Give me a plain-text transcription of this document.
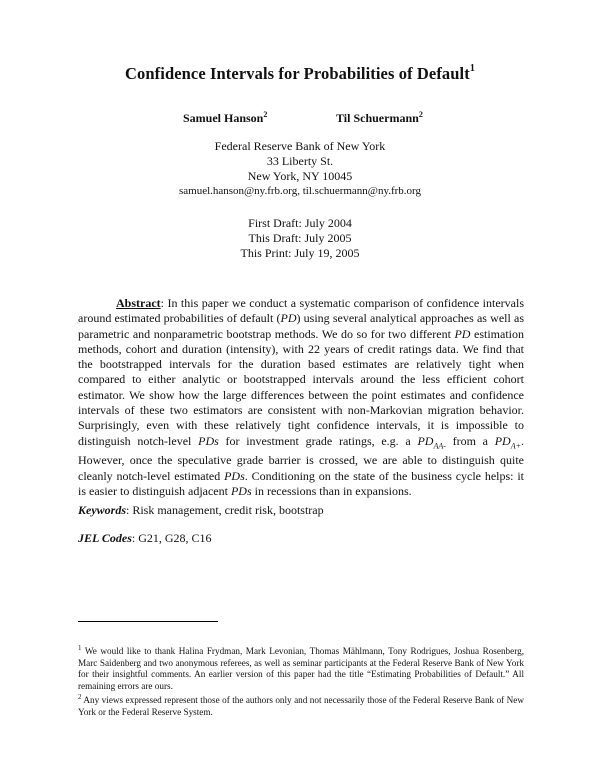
Confidence Intervals for Probabilities of Default$^1$
Samuel Hanson$^2$	Til Schuermann$^2$
Federal Reserve Bank of New York
33 Liberty St.
New York, NY 10045
samuel.hanson@ny.frb.org, til.schuermann@ny.frb.org
First Draft: July 2004
This Draft: July 2005
This Print: July 19, 2005
Abstract: In this paper we conduct a systematic comparison of confidence intervals around estimated probabilities of default (PD) using several analytical approaches as well as parametric and nonparametric bootstrap methods. We do so for two different PD estimation methods, cohort and duration (intensity), with 22 years of credit ratings data. We find that the bootstrapped intervals for the duration based estimates are relatively tight when compared to either analytic or bootstrapped intervals around the less efficient cohort estimator. We show how the large differences between the point estimates and confidence intervals of these two estimators are consistent with non-Markovian migration behavior. Surprisingly, even with these relatively tight confidence intervals, it is impossible to distinguish notch-level PDs for investment grade ratings, e.g. a $PD_{AA-}$ from a $PD_{A+}$. However, once the speculative grade barrier is crossed, we are able to distinguish quite cleanly notch-level estimated PDs. Conditioning on the state of the business cycle helps: it is easier to distinguish adjacent PDs in recessions than in expansions.
Keywords: Risk management, credit risk, bootstrap
JEL Codes: G21, G28, C16

$^1$ We would like to thank Halina Frydman, Mark Levonian, Thomas Mählmann, Tony Rodrigues, Joshua Rosenberg, Marc Saidenberg and two anonymous referees, as well as seminar participants at the Federal Reserve Bank of New York for their insightful comments. An earlier version of this paper had the title “Estimating Probabilities of Default.” All remaining errors are ours.

$^2$ Any views expressed represent those of the authors only and not necessarily those of the Federal Reserve Bank of New York or the Federal Reserve System.
